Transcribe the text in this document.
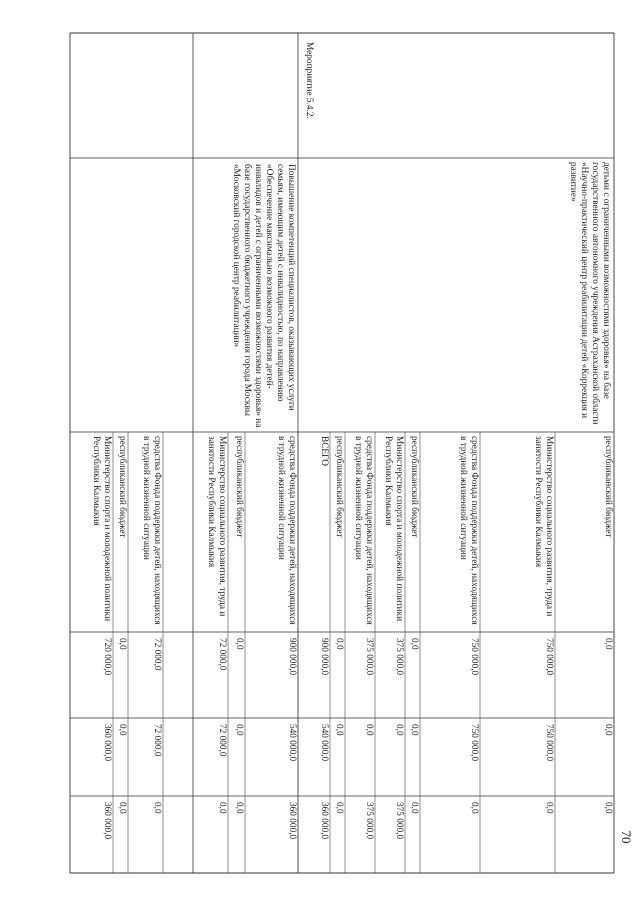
детьми с ограниченными возможностями здоровья» на базе государственного автономного учреждения Астраханской области «Научно-практический центр реабилитации детей «Коррекция и развитие»
Мероприятие 5.4.2.
Повышение компетенций специалистов, оказывающих услуги семьям, имеющим детей с инвалидностью, по направлению «Обеспечение максимально возможного развития детей-инвалидов и детей с ограниченными возможностями здоровья» на базе государственного бюджетного учреждения города Москвы «Московский городской центр реабилитации»
республиканский бюджет
0,0
0,0
0,0
Министерство социального развития, труда и занятости Республики Калмыкия
750 000,0
750 000,0
0,0
средства Фонда поддержки детей, находящихся в трудной жизненной ситуации
750 000,0
750 000,0
0,0
республиканский бюджет
0,0
0,0
0,0
Министерство спорта и молодежной политики Республики Калмыкия
375 000,0
0,0
375 000,0
средства Фонда поддержки детей, находящихся в трудной жизненной ситуации
375 000,0
0,0
375 000,0
республиканский бюджет
0,0
0,0
0,0
ВСЕГО
900 000,0
540 000,0
360 000,0
средства Фонда поддержки детей, находящихся в трудной жизненной ситуации
900 000,0
540 000,0
360 000,0
республиканский бюджет
0,0
0,0
0,0
Министерство социального развития, труда и занятости Республики Калмыкия
72 000,0
72 000,0
0,0
средства Фонда поддержки детей, находящихся в трудной жизненной ситуации
72 000,0
72 000,0
0,0
республиканский бюджет
0,0
0,0
0,0
Министерство спорта и молодежной политики Республики Калмыкия
720 000,0
360 000,0
360 000,0	70
